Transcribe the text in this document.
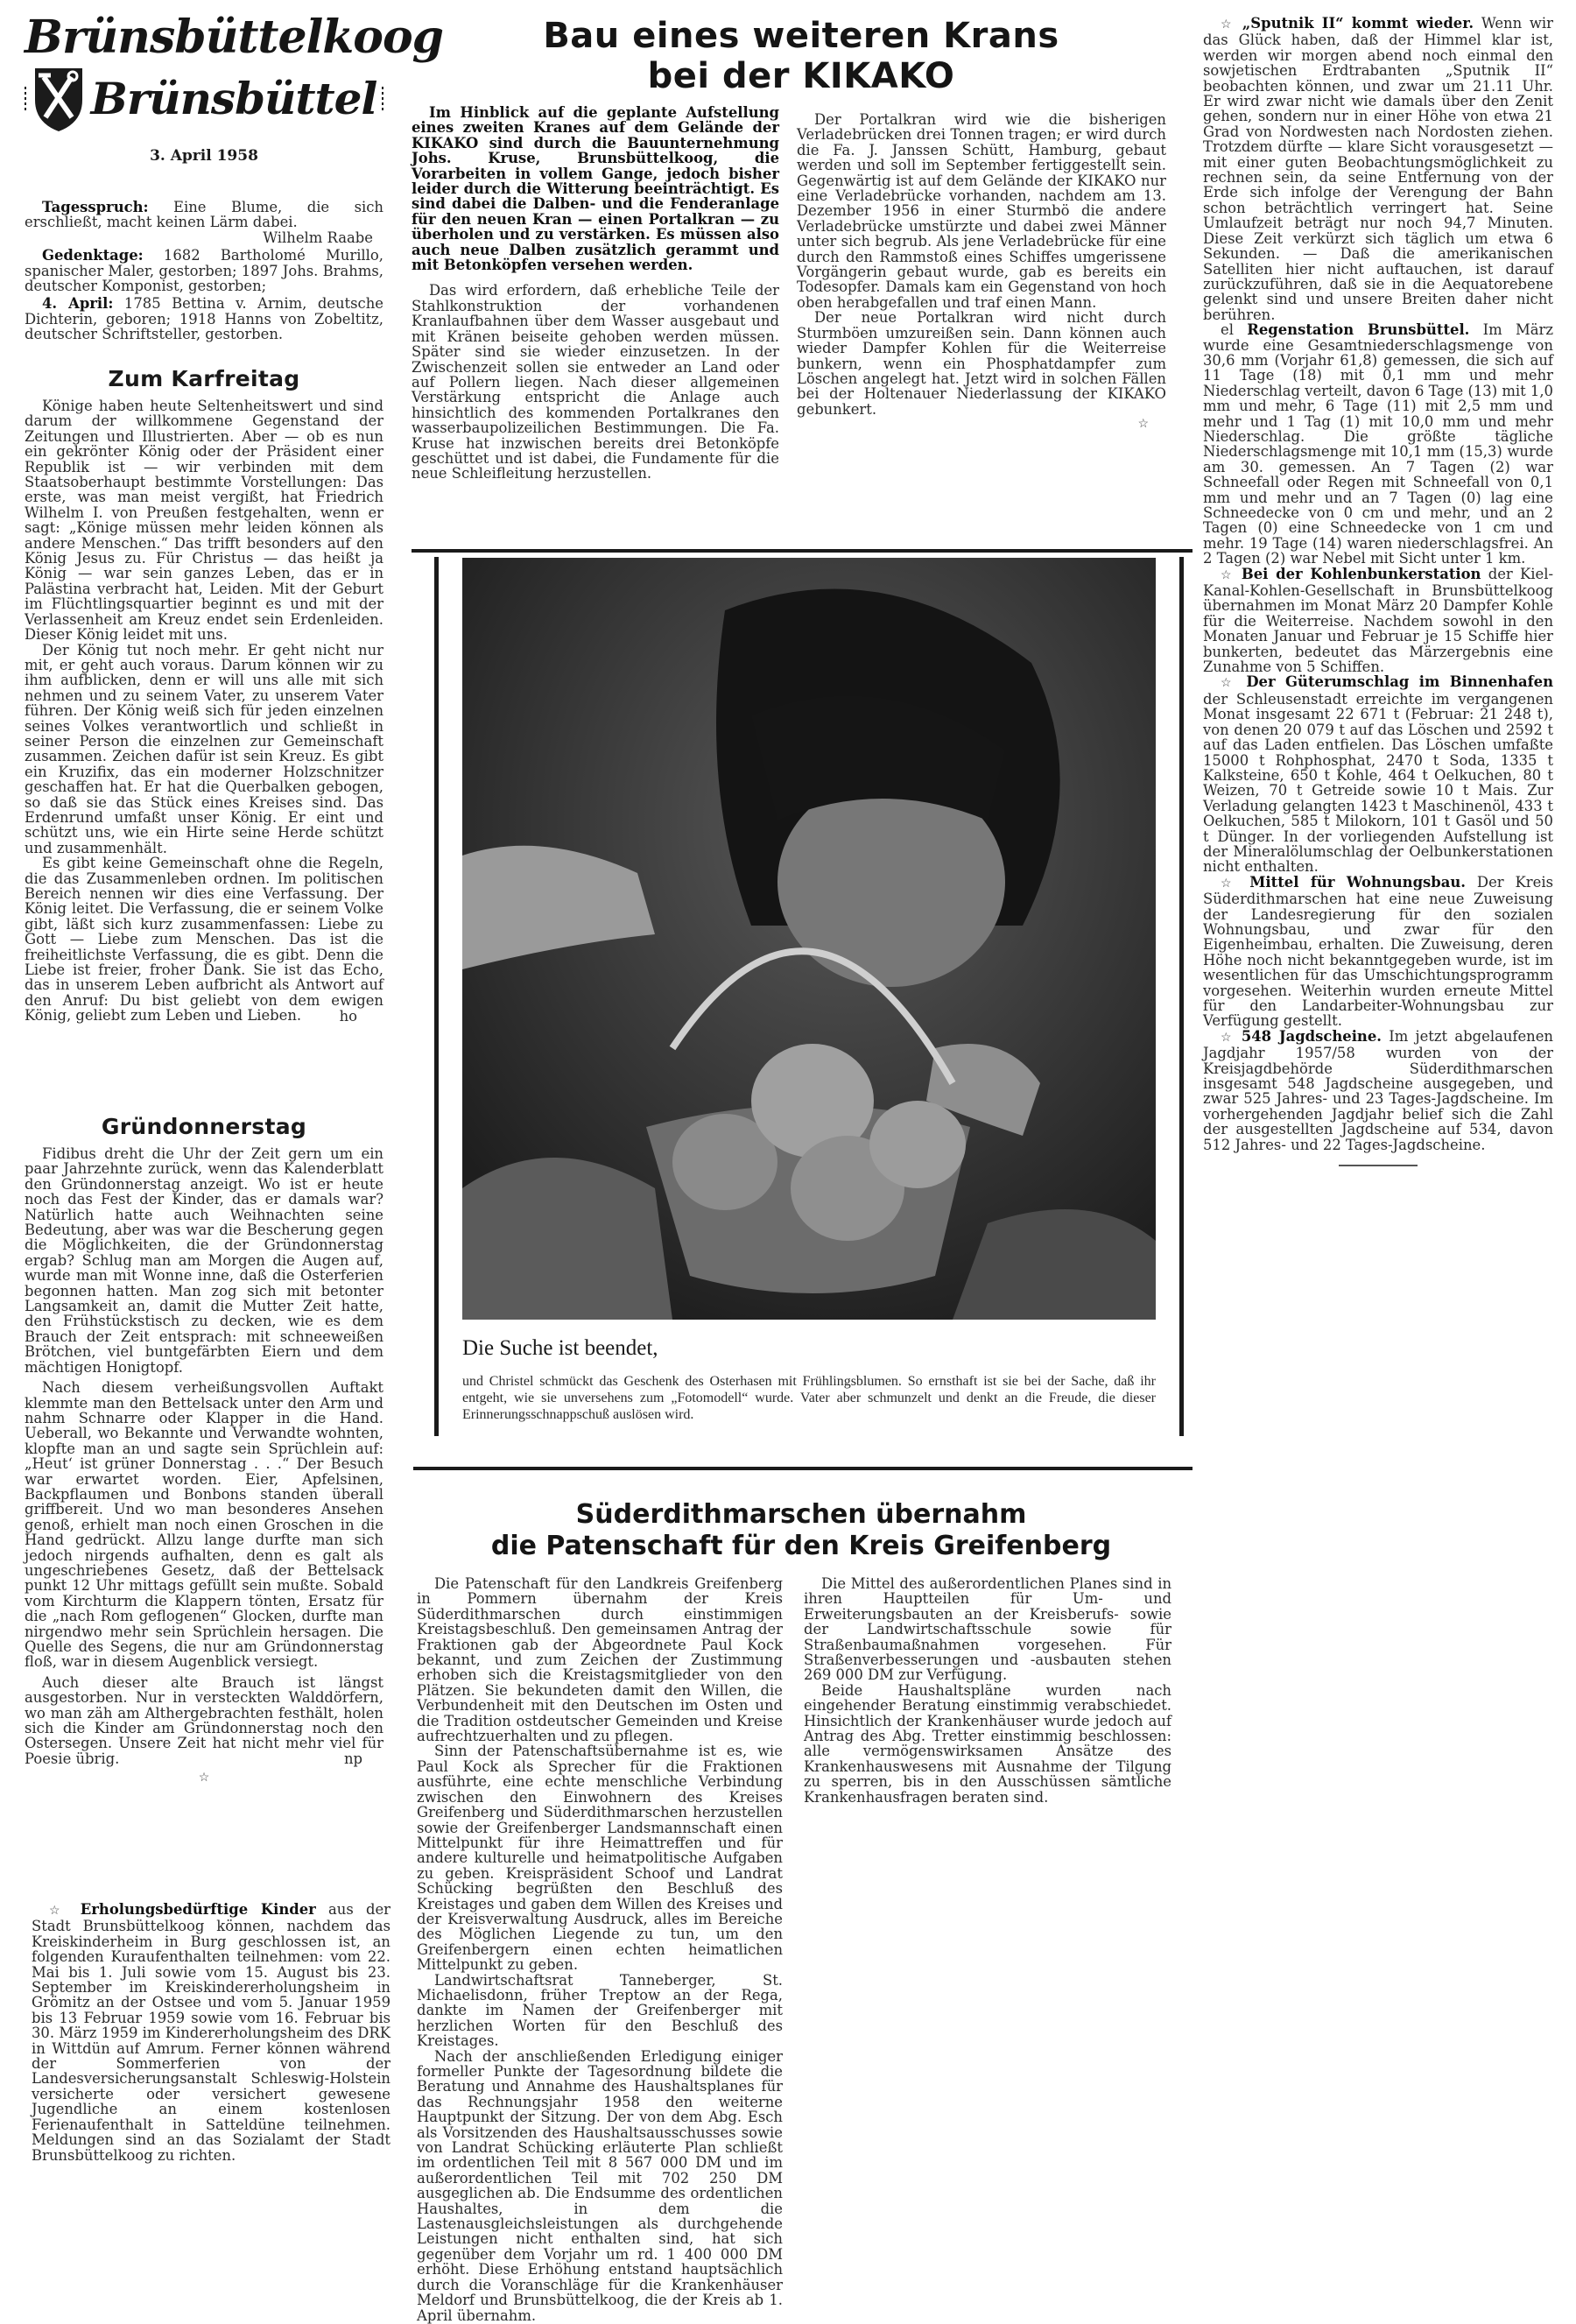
Brünsbüttelkoog
Brünsbüttel
3. April 1958

Tagesspruch: Eine Blume, die sich erschließt, macht keinen Lärm dabei.

Wilhelm Raabe

Gedenktage: 1682 Bartholomé Murillo, spanischer Maler, gestorben; 1897 Johs. Brahms, deutscher Komponist, gestorben;

4. April: 1785 Bettina v. Arnim, deutsche Dichterin, geboren; 1918 Hanns von Zobeltitz, deutscher Schriftsteller, gestorben.

Zum Karfreitag

Könige haben heute Seltenheitswert und sind darum der willkommene Gegenstand der Zeitungen und Illustrierten. Aber — ob es nun ein gekrönter König oder der Präsident einer Republik ist — wir verbinden mit dem Staatsoberhaupt bestimmte Vorstellungen: Das erste, was man meist vergißt, hat Friedrich Wilhelm I. von Preußen festgehalten, wenn er sagt: „Könige müssen mehr leiden können als andere Menschen.“ Das trifft besonders auf den König Jesus zu. Für Christus — das heißt ja König — war sein ganzes Leben, das er in Palästina verbracht hat, Leiden. Mit der Geburt im Flüchtlingsquartier beginnt es und mit der Verlassenheit am Kreuz endet sein Erdenleiden. Dieser König leidet mit uns.

Der König tut noch mehr. Er geht nicht nur mit, er geht auch voraus. Darum können wir zu ihm aufblicken, denn er will uns alle mit sich nehmen und zu seinem Vater, zu unserem Vater führen. Der König weiß sich für jeden einzelnen seines Volkes verantwortlich und schließt in seiner Person die einzelnen zur Gemeinschaft zusammen. Zeichen dafür ist sein Kreuz. Es gibt ein Kruzifix, das ein moderner Holzschnitzer geschaffen hat. Er hat die Querbalken gebogen, so daß sie das Stück eines Kreises sind. Das Erdenrund umfaßt unser König. Er eint und schützt uns, wie ein Hirte seine Herde schützt und zusammenhält.

Es gibt keine Gemeinschaft ohne die Regeln, die das Zusammenleben ordnen. Im politischen Bereich nennen wir dies eine Verfassung. Der König leitet. Die Verfassung, die er seinem Volke gibt, läßt sich kurz zusammenfassen: Liebe zu Gott — Liebe zum Menschen. Das ist die freiheitlichste Verfassung, die es gibt. Denn die Liebe ist freier, froher Dank. Sie ist das Echo, das in unserem Leben aufbricht als Antwort auf den Anruf: Du bist geliebt von dem ewigen König, geliebt zum Leben und Lieben.	ho

Gründonnerstag

Fidibus dreht die Uhr der Zeit gern um ein paar Jahrzehnte zurück, wenn das Kalenderblatt den Gründonnerstag anzeigt. Wo ist er heute noch das Fest der Kinder, das er damals war? Natürlich hatte auch Weihnachten seine Bedeutung, aber was war die Bescherung gegen die Möglichkeiten, die der Gründonnerstag ergab? Schlug man am Morgen die Augen auf, wurde man mit Wonne inne, daß die Osterferien begonnen hatten. Man zog sich mit betonter Langsamkeit an, damit die Mutter Zeit hatte, den Frühstückstisch zu decken, wie es dem Brauch der Zeit entsprach: mit schneeweißen Brötchen, viel buntgefärbten Eiern und dem mächtigen Honigtopf.

Nach diesem verheißungsvollen Auftakt klemmte man den Bettelsack unter den Arm und nahm Schnarre oder Klapper in die Hand. Ueberall, wo Bekannte und Verwandte wohnten, klopfte man an und sagte sein Sprüchlein auf: „Heut‘ ist grüner Donnerstag . . .“ Der Besuch war erwartet worden. Eier, Apfelsinen, Backpflaumen und Bonbons standen überall griffbereit. Und wo man besonderes Ansehen genoß, erhielt man noch einen Groschen in die Hand gedrückt. Allzu lange durfte man sich jedoch nirgends aufhalten, denn es galt als ungeschriebenes Gesetz, daß der Bettelsack punkt 12 Uhr mittags gefüllt sein mußte. Sobald vom Kirchturm die Klappern tönten, Ersatz für die „nach Rom geflogenen“ Glocken, durfte man nirgendwo mehr sein Sprüchlein hersagen. Die Quelle des Segens, die nur am Gründonnerstag floß, war in diesem Augenblick versiegt.

Auch dieser alte Brauch ist längst ausgestorben. Nur in versteckten Walddörfern, wo man zäh am Althergebrachten festhält, holen sich die Kinder am Gründonnerstag noch den Ostersegen. Unsere Zeit hat nicht mehr viel für Poesie übrig.	np

☆

☆ Erholungsbedürftige Kinder aus der Stadt Brunsbüttelkoog können, nachdem das Kreiskinderheim in Burg geschlossen ist, an folgenden Kuraufenthalten teilnehmen: vom 22. Mai bis 1. Juli sowie vom 15. August bis 23. September im Kreiskindererholungsheim in Grömitz an der Ostsee und vom 5. Januar 1959 bis 13 Februar 1959 sowie vom 16. Februar bis 30. März 1959 im Kindererholungsheim des DRK in Wittdün auf Amrum. Ferner können während der Sommerferien von der Landesversicherungsanstalt Schleswig-Holstein versicherte oder versichert gewesene Jugendliche an einem kostenlosen Ferienaufenthalt in Satteldüne teilnehmen. Meldungen sind an das Sozialamt der Stadt Brunsbüttelkoog zu richten.

Bau eines weiteren Krans
bei der KIKAKO

Im Hinblick auf die geplante Aufstellung eines zweiten Kranes auf dem Gelände der KIKAKO sind durch die Bauunternehmung Johs. Kruse, Brunsbüttelkoog, die Vorarbeiten in vollem Gange, jedoch bisher leider durch die Witterung beeinträchtigt. Es sind dabei die Dalben- und die Fenderanlage für den neuen Kran — einen Portalkran — zu überholen und zu verstärken. Es müssen also auch neue Dalben zusätzlich gerammt und mit Betonköpfen versehen werden.

Das wird erfordern, daß erhebliche Teile der Stahlkonstruktion der vorhandenen Kranlaufbahnen über dem Wasser ausgebaut und mit Kränen beiseite gehoben werden müssen. Später sind sie wieder einzusetzen. In der Zwischenzeit sollen sie entweder an Land oder auf Pollern liegen. Nach dieser allgemeinen Verstärkung entspricht die Anlage auch hinsichtlich des kommenden Portalkranes den wasserbaupolizeilichen Bestimmungen. Die Fa. Kruse hat inzwischen bereits drei Betonköpfe geschüttet und ist dabei, die Fundamente für die neue Schleifleitung herzustellen.

Der Portalkran wird wie die bisherigen Verladebrücken drei Tonnen tragen; er wird durch die Fa. J. Janssen Schütt, Hamburg, gebaut werden und soll im September fertiggestellt sein. Gegenwärtig ist auf dem Gelände der KIKAKO nur eine Verladebrücke vorhanden, nachdem am 13. Dezember 1956 in einer Sturmbö die andere Verladebrücke umstürzte und dabei zwei Männer unter sich begrub. Als jene Verladebrücke für eine durch den Rammstoß eines Schiffes umgerissene Vorgängerin gebaut wurde, gab es bereits ein Todesopfer. Damals kam ein Gegenstand von hoch oben herabgefallen und traf einen Mann.

Der neue Portalkran wird nicht durch Sturmböen umzureißen sein. Dann können auch wieder Dampfer Kohlen für die Weiterreise bunkern, wenn ein Phosphatdampfer zum Löschen angelegt hat. Jetzt wird in solchen Fällen bei der Holtenauer Niederlassung der KIKAKO gebunkert.

☆
Die Suche ist beendet,
und Christel schmückt das Geschenk des Osterhasen mit Frühlingsblumen. So ernsthaft ist sie bei der Sache, daß ihr entgeht, wie sie unversehens zum „Fotomodell“ wurde. Vater aber schmunzelt und denkt an die Freude, die dieser Erinnerungsschnappschuß auslösen wird.
Süderdithmarschen übernahm
die Patenschaft für den Kreis Greifenberg

Die Patenschaft für den Landkreis Greifenberg in Pommern übernahm der Kreis Süderdithmarschen durch einstimmigen Kreistagsbeschluß. Den gemeinsamen Antrag der Fraktionen gab der Abgeordnete Paul Kock bekannt, und zum Zeichen der Zustimmung erhoben sich die Kreistagsmitglieder von den Plätzen. Sie bekundeten damit den Willen, die Verbundenheit mit den Deutschen im Osten und die Tradition ostdeutscher Gemeinden und Kreise aufrechtzuerhalten und zu pflegen.

Sinn der Patenschaftsübernahme ist es, wie Paul Kock als Sprecher für die Fraktionen ausführte, eine echte menschliche Verbindung zwischen den Einwohnern des Kreises Greifenberg und Süderdithmarschen herzustellen sowie der Greifenberger Landsmannschaft einen Mittelpunkt für ihre Heimattreffen und für andere kulturelle und heimatpolitische Aufgaben zu geben. Kreispräsident Schoof und Landrat Schücking begrüßten den Beschluß des Kreistages und gaben dem Willen des Kreises und der Kreisverwaltung Ausdruck, alles im Bereiche des Möglichen Liegende zu tun, um den Greifenbergern einen echten heimatlichen Mittelpunkt zu geben.

Landwirtschaftsrat Tanneberger, St. Michaelisdonn, früher Treptow an der Rega, dankte im Namen der Greifenberger mit herzlichen Worten für den Beschluß des Kreistages.

Nach der anschließenden Erledigung einiger formeller Punkte der Tagesordnung bildete die Beratung und Annahme des Haushaltsplanes für das Rechnungsjahr 1958 den weiterne Hauptpunkt der Sitzung. Der von dem Abg. Esch als Vorsitzenden des Haushaltsausschusses sowie von Landrat Schücking erläuterte Plan schließt im ordentlichen Teil mit 8 567 000 DM und im außerordentlichen Teil mit 702 250 DM ausgeglichen ab. Die Endsumme des ordentlichen Haushaltes, in dem die Lastenausgleichsleistungen als durchgehende Leistungen nicht enthalten sind, hat sich gegenüber dem Vorjahr um rd. 1 400 000 DM erhöht. Diese Erhöhung entstand hauptsächlich durch die Voranschläge für die Krankenhäuser Meldorf und Brunsbüttelkoog, die der Kreis ab 1. April übernahm.

Die Mittel des außerordentlichen Planes sind in ihren Hauptteilen für Um- und Erweiterungsbauten an der Kreisberufs- sowie der Landwirtschaftsschule sowie für Straßenbaumaßnahmen vorgesehen. Für Straßenverbesserungen und -ausbauten stehen 269 000 DM zur Verfügung.

Beide Haushaltspläne wurden nach eingehender Beratung einstimmig verabschiedet. Hinsichtlich der Krankenhäuser wurde jedoch auf Antrag des Abg. Tretter einstimmig beschlossen: alle vermögenswirksamen Ansätze des Krankenhauswesens mit Ausnahme der Tilgung zu sperren, bis in den Ausschüssen sämtliche Krankenhausfragen beraten sind.

☆ „Sputnik II“ kommt wieder. Wenn wir das Glück haben, daß der Himmel klar ist, werden wir morgen abend noch einmal den sowjetischen Erdtrabanten „Sputnik II“ beobachten können, und zwar um 21.11 Uhr. Er wird zwar nicht wie damals über den Zenit gehen, sondern nur in einer Höhe von etwa 21 Grad von Nordwesten nach Nordosten ziehen. Trotzdem dürfte — klare Sicht vorausgesetzt — mit einer guten Beobachtungsmöglichkeit zu rechnen sein, da seine Entfernung von der Erde sich infolge der Verengung der Bahn schon beträchtlich verringert hat. Seine Umlaufzeit beträgt nur noch 94,7 Minuten. Diese Zeit verkürzt sich täglich um etwa 6 Sekunden. — Daß die amerikanischen Satelliten hier nicht auftauchen, ist darauf zurückzuführen, daß sie in die Aequatorebene gelenkt sind und unsere Breiten daher nicht berühren.

el Regenstation Brunsbüttel. Im März wurde eine Gesamtniederschlagsmenge von 30,6 mm (Vorjahr 61,8) gemessen, die sich auf 11 Tage (18) mit 0,1 mm und mehr Niederschlag verteilt, davon 6 Tage (13) mit 1,0 mm und mehr, 6 Tage (11) mit 2,5 mm und mehr und 1 Tag (1) mit 10,0 mm und mehr Niederschlag. Die größte tägliche Niederschlagsmenge mit 10,1 mm (15,3) wurde am 30. gemessen. An 7 Tagen (2) war Schneefall oder Regen mit Schneefall von 0,1 mm und mehr und an 7 Tagen (0) lag eine Schneedecke von 0 cm und mehr, und an 2 Tagen (0) eine Schneedecke von 1 cm und mehr. 19 Tage (14) waren niederschlagsfrei. An 2 Tagen (2) war Nebel mit Sicht unter 1 km.

☆ Bei der Kohlenbunkerstation der Kiel-Kanal-Kohlen-Gesellschaft in Brunsbüttelkoog übernahmen im Monat März 20 Dampfer Kohle für die Weiterreise. Nachdem sowohl in den Monaten Januar und Februar je 15 Schiffe hier bunkerten, bedeutet das Märzergebnis eine Zunahme von 5 Schiffen.

☆ Der Güterumschlag im Binnenhafen der Schleusenstadt erreichte im vergangenen Monat insgesamt 22 671 t (Februar: 21 248 t), von denen 20 079 t auf das Löschen und 2592 t auf das Laden entfielen. Das Löschen umfaßte 15000 t Rohphosphat, 2470 t Soda, 1335 t Kalksteine, 650 t Kohle, 464 t Oelkuchen, 80 t Weizen, 70 t Getreide sowie 10 t Mais. Zur Verladung gelangten 1423 t Maschinenöl, 433 t Oelkuchen, 585 t Milokorn, 101 t Gasöl und 50 t Dünger. In der vorliegenden Aufstellung ist der Mineralölumschlag der Oelbunkerstationen nicht enthalten.

☆ Mittel für Wohnungsbau. Der Kreis Süderdithmarschen hat eine neue Zuweisung der Landesregierung für den sozialen Wohnungsbau, und zwar für den Eigenheimbau, erhalten. Die Zuweisung, deren Höhe noch nicht bekanntgegeben wurde, ist im wesentlichen für das Umschichtungsprogramm vorgesehen. Weiterhin wurden erneute Mittel für den Landarbeiter-Wohnungsbau zur Verfügung gestellt.

☆ 548 Jagdscheine. Im jetzt abgelaufenen Jagdjahr 1957/58 wurden von der Kreisjagdbehörde Süderdithmarschen insgesamt 548 Jagdscheine ausgegeben, und zwar 525 Jahres- und 23 Tages-Jagdscheine. Im vorhergehenden Jagdjahr belief sich die Zahl der ausgestellten Jagdscheine auf 534, davon 512 Jahres- und 22 Tages-Jagdscheine.
